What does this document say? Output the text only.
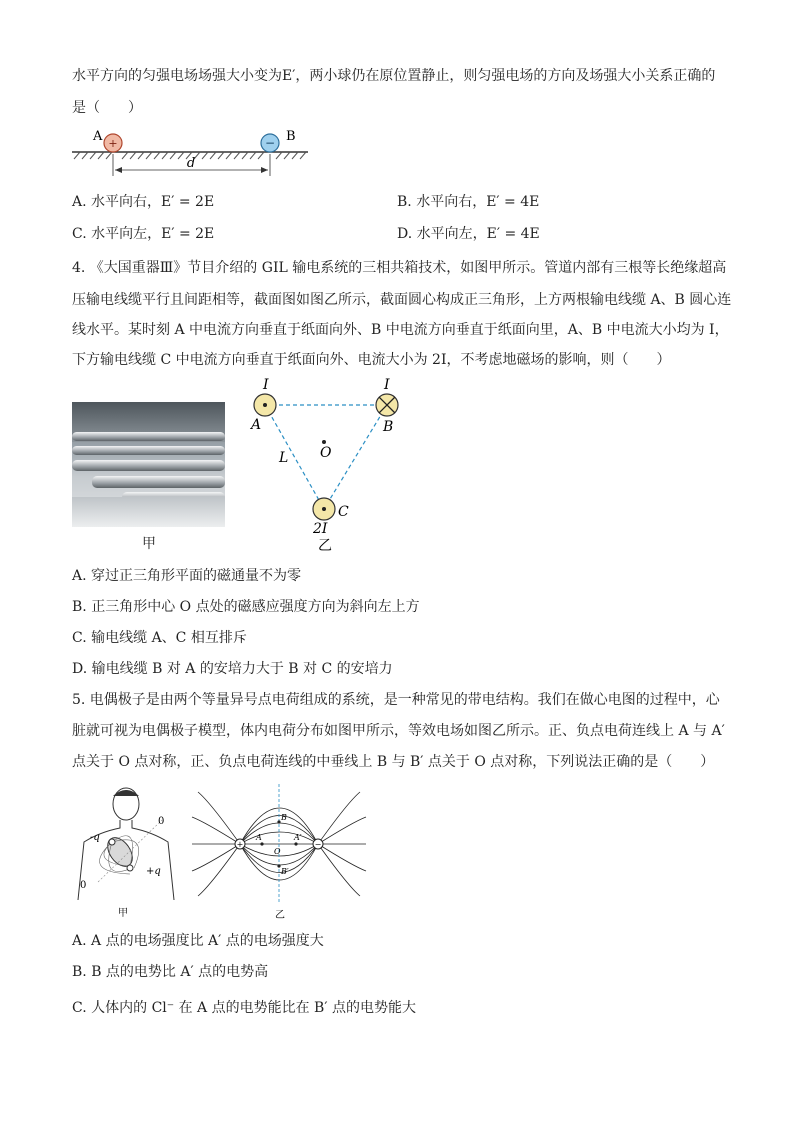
水平方向的匀强电场场强大小变为E′，两小球仍在原位置静止，则匀强电场的方向及场强大小关系正确的
是（　　）
+
A	− B
d
A. 水平向右，E′ = 2E	B. 水平向右，E′ = 4E
C. 水平向左，E′ = 2E	D. 水平向左，E′ = 4E
4. 《大国重器Ⅲ》节目介绍的 GIL 输电系统的三相共箱技术，如图甲所示。管道内部有三根等长绝缘超高
压输电线缆平行且间距相等，截面图如图乙所示，截面圆心构成正三角形，上方两根输电线缆 A、B 圆心连
线水平。某时刻 A 中电流方向垂直于纸面向外、B 中电流方向垂直于纸面向里，A、B 中电流大小均为 I，
下方输电线缆 C 中电流方向垂直于纸面向外、电流大小为 2I，不考虑地磁场的影响，则（　　）
甲
I	I
A	B
O
L
C
2I
乙
A. 穿过正三角形平面的磁通量不为零
B. 正三角形中心 O 点处的磁感应强度方向为斜向左上方
C. 输电线缆 A、C 相互排斥
D. 输电线缆 B 对 A 的安培力大于 B 对 C 的安培力
5. 电偶极子是由两个等量异号点电荷组成的系统，是一种常见的带电结构。我们在做心电图的过程中，心
脏就可视为电偶极子模型，体内电荷分布如图甲所示，等效电场如图乙所示。正、负点电荷连线上 A 与 A′
点关于 O 点对称，正、负点电荷连线的中垂线上 B 与 B′ 点关于 O 点对称，下列说法正确的是（　　）
-q
+q
0
0
甲
+	−
B
B′
A	A′
O
乙
A. A 点的电场强度比 A′ 点的电场强度大
B. B 点的电势比 A′ 点的电势高
C. 人体内的 Cl⁻ 在 A 点的电势能比在 B′ 点的电势能大
